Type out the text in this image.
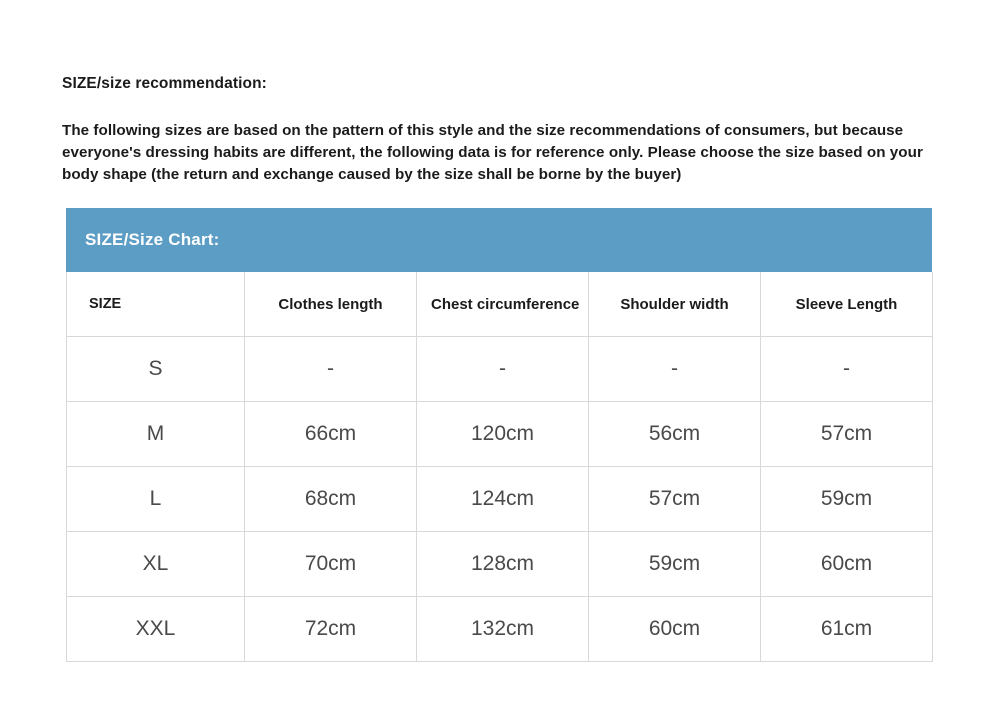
SIZE/size recommendation:
The following sizes are based on the pattern of this style and the size recommendations of consumers, but because everyone's dressing habits are different, the following data is for reference only. Please choose the size based on your body shape (the return and exchange caused by the size shall be borne by the buyer)
SIZE/Size Chart:
SIZE	Clothes length	Chest circumference	Shoulder width	Sleeve Length
S	-	-	-	-
M	66cm	120cm	56cm	57cm
L	68cm	124cm	57cm	59cm
XL	70cm	128cm	59cm	60cm
XXL	72cm	132cm	60cm	61cm
